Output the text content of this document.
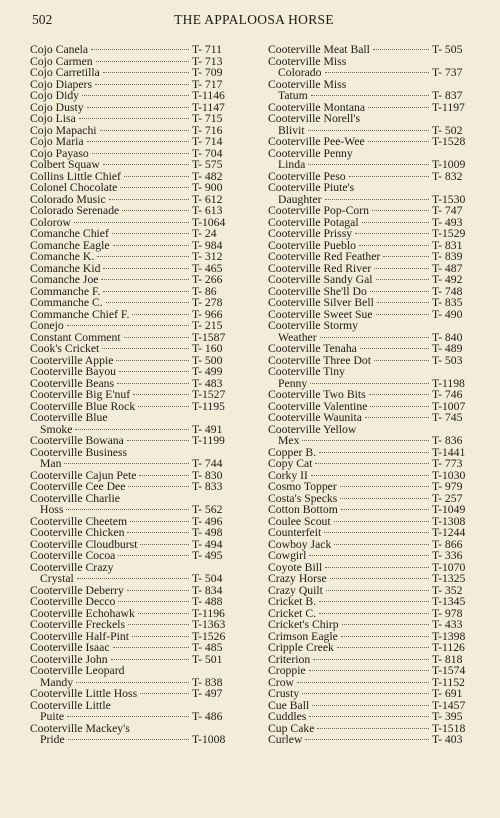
502	THE APPALOOSA HORSE
Cojo Canela	T- 711
Cojo Carmen	T- 713
Cojo Carretilla	T- 709
Cojo Diapers	T- 717
Cojo Didy	T-1146
Cojo Dusty	T-1147
Cojo Lisa	T- 715
Cojo Mapachi	T- 716
Cojo Maria	T- 714
Cojo Payaso	T- 704
Colbert Squaw	T- 575
Collins Little Chief	T- 482
Colonel Chocolate	T- 900
Colorado Music	T- 612
Colorado Serenade	T- 613
Colorow	T-1064
Comanche Chief	T- 24
Comanche Eagle	T- 984
Comanche K.	T- 312
Comanche Kid	T- 465
Comanche Joe	T- 266
Commanche F.	T- 86
Commanche C.	T- 278
Commanche Chief F.	T- 966
Conejo	T- 215
Constant Comment	T-1587
Cook's Cricket	T- 160
Cooterville Appie	T- 500
Cooterville Bayou	T- 499
Cooterville Beans	T- 483
Cooterville Big E'nuf	T-1527
Cooterville Blue Rock	T-1195
Cooterville Blue
Smoke	T- 491
Cooterville Bowana	T-1199
Cooterville Business
Man	T- 744
Cooterville Cajun Pete	T- 830
Cooterville Cee Dee	T- 833
Cooterville Charlie
Hoss	T- 562
Cooterville Cheetem	T- 496
Cooterville Chicken	T- 498
Cooterville Cloudburst	T- 494
Cooterville Cocoa	T- 495
Cooterville Crazy
Crystal	T- 504
Cooterville Deberry	T- 834
Cooterville Decco	T- 488
Cooterville Echohawk	T-1196
Cooterville Freckels	T-1363
Cooterville Half-Pint	T-1526
Cooterville Isaac	T- 485
Cooterville John	T- 501
Cooterville Leopard
Mandy	T- 838
Cooterville Little Hoss	T- 497
Cooterville Little
Puite	T- 486
Cooterville Mackey's
Pride	T-1008
Cooterville Meat Ball	T- 505
Cooterville Miss
Colorado	T- 737
Cooterville Miss
Tatum	T- 837
Cooterville Montana	T-1197
Cooterville Norell's
Blivit	T- 502
Cooterville Pee-Wee	T-1528
Cooterville Penny
Linda	T-1009
Cooterville Peso	T- 832
Cooterville Piute's
Daughter	T-1530
Cooterville Pop-Corn	T- 747
Cooterville Potagal	T- 493
Cooterville Prissy	T-1529
Cooterville Pueblo	T- 831
Cooterville Red Feather	T- 839
Cooterville Red River	T- 487
Cooterville Sandy Gal	T- 492
Cooterville She'll Do	T- 748
Cooterville Silver Bell	T- 835
Cooterville Sweet Sue	T- 490
Cooterville Stormy
Weather	T- 840
Cooterville Tenaha	T- 489
Cooterville Three Dot	T- 503
Cooterville Tiny
Penny	T-1198
Cooterville Two Bits	T- 746
Cooterville Valentine	T-1007
Cooterville Waunita	T- 745
Cooterville Yellow
Mex	T- 836
Copper B.	T-1441
Copy Cat	T- 773
Corky II	T-1030
Cosmo Topper	T- 979
Costa's Specks	T- 257
Cotton Bottom	T-1049
Coulee Scout	T-1308
Counterfeit	T-1244
Cowboy Jack	T- 866
Cowgirl	T- 336
Coyote Bill	T-1070
Crazy Horse	T-1325
Crazy Quilt	T- 352
Cricket B.	T-1345
Cricket C.	T- 978
Cricket's Chirp	T- 433
Crimson Eagle	T-1398
Cripple Creek	T-1126
Criterion	T- 818
Croppie	T-1574
Crow	T-1152
Crusty	T- 691
Cue Ball	T-1457
Cuddles	T- 395
Cup Cake	T-1518
Curlew	T- 403
